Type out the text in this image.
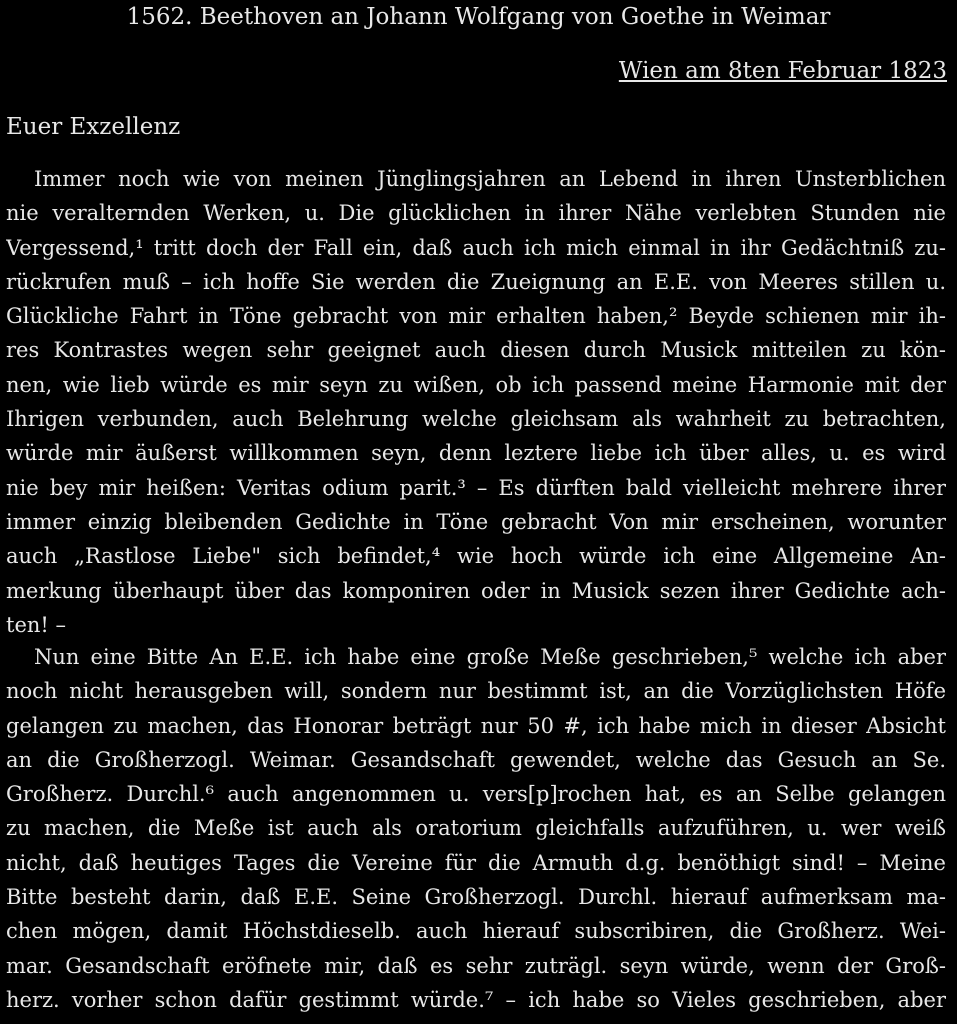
1562. Beethoven an Johann Wolfgang von Goethe in Weimar
Wien am 8ten Februar 1823
Euer Exzellenz
Immer noch wie von meinen Jünglingsjahren an Lebend in ihren Unsterblichen
nie veralternden Werken, u. Die glücklichen in ihrer Nähe verlebten Stunden nie
Vergessend,¹ tritt doch der Fall ein, daß auch ich mich einmal in ihr Gedächtniß zu-
rückrufen muß – ich hoffe Sie werden die Zueignung an E.E. von Meeres stillen u.
Glückliche Fahrt in Töne gebracht von mir erhalten haben,² Beyde schienen mir ih-
res Kontrastes wegen sehr geeignet auch diesen durch Musick mitteilen zu kön-
nen, wie lieb würde es mir seyn zu wißen, ob ich passend meine Harmonie mit der
Ihrigen verbunden, auch Belehrung welche gleichsam als wahrheit zu betrachten,
würde mir äußerst willkommen seyn, denn leztere liebe ich über alles, u. es wird
nie bey mir heißen: Veritas odium parit.³ – Es dürften bald vielleicht mehrere ihrer
immer einzig bleibenden Gedichte in Töne gebracht Von mir erscheinen, worunter
auch „Rastlose Liebe" sich befindet,⁴ wie hoch würde ich eine Allgemeine An-
merkung überhaupt über das komponiren oder in Musick sezen ihrer Gedichte ach-
ten! –
Nun eine Bitte An E.E. ich habe eine große Meße geschrieben,⁵ welche ich aber
noch nicht herausgeben will, sondern nur bestimmt ist, an die Vorzüglichsten Höfe
gelangen zu machen, das Honorar beträgt nur 50 #, ich habe mich in dieser Absicht
an die Großherzogl. Weimar. Gesandschaft gewendet, welche das Gesuch an Se.
Großherz. Durchl.⁶ auch angenommen u. vers[p]rochen hat, es an Selbe gelangen
zu machen, die Meße ist auch als oratorium gleichfalls aufzuführen, u. wer weiß
nicht, daß heutiges Tages die Vereine für die Armuth d.g. benöthigt sind! – Meine
Bitte besteht darin, daß E.E. Seine Großherzogl. Durchl. hierauf aufmerksam ma-
chen mögen, damit Höchstdieselb. auch hierauf subscribiren, die Großherz. Wei-
mar. Gesandschaft eröfnete mir, daß es sehr zuträgl. seyn würde, wenn der Groß-
herz. vorher schon dafür gestimmt würde.⁷ – ich habe so Vieles geschrieben, aber
